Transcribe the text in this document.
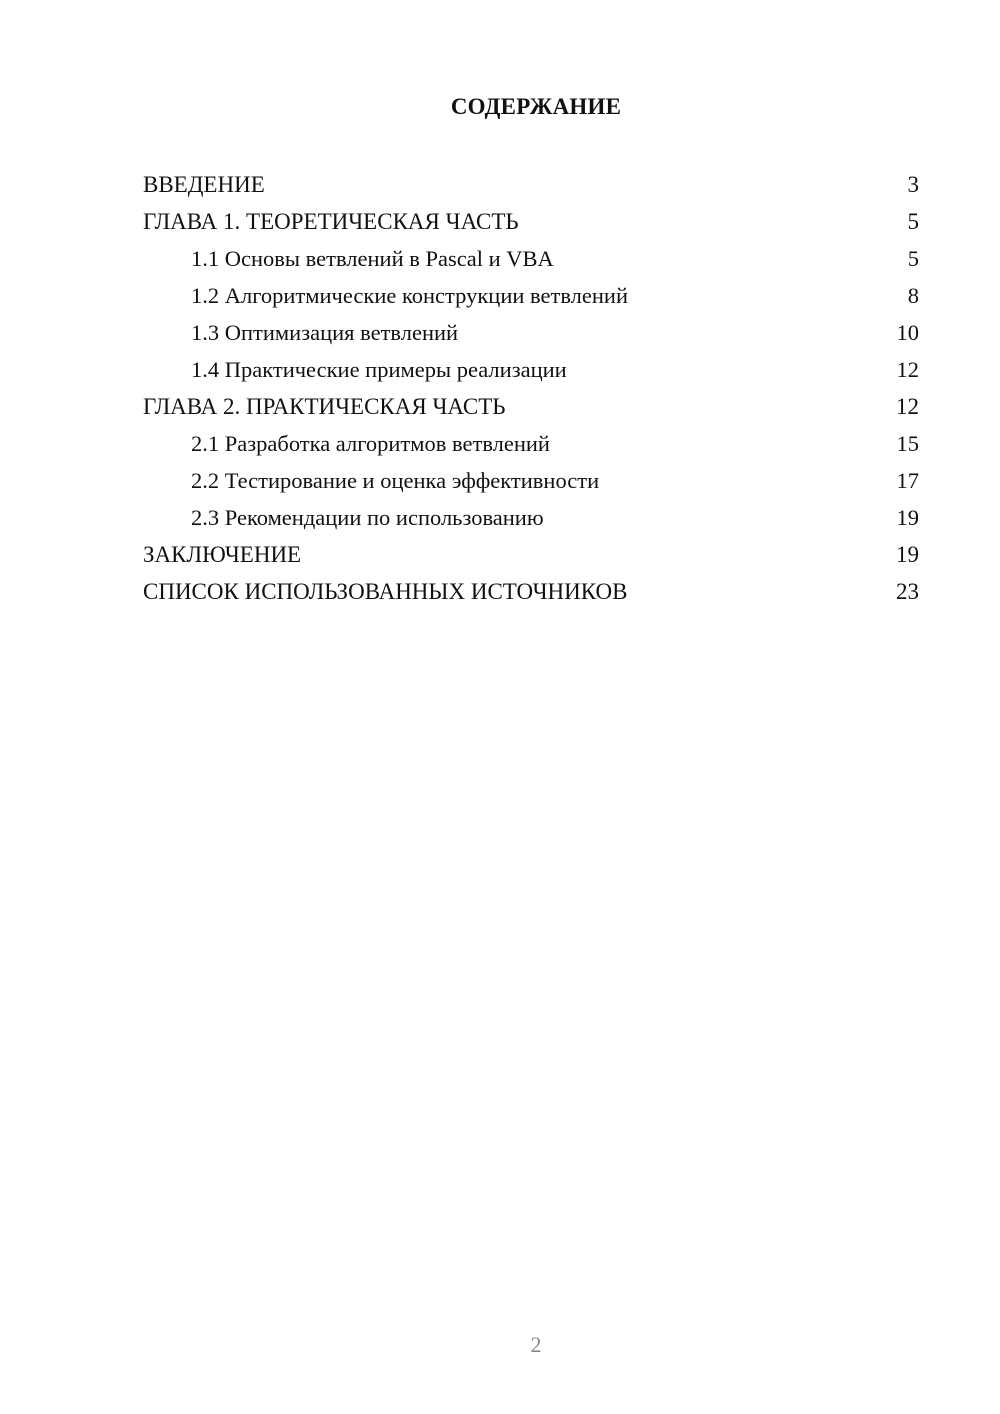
СОДЕРЖАНИЕ
ВВЕДЕНИЕ	3
ГЛАВА 1. ТЕОРЕТИЧЕСКАЯ ЧАСТЬ	5
1.1 Основы ветвлений в Pascal и VBA	5
1.2 Алгоритмические конструкции ветвлений	8
1.3 Оптимизация ветвлений	10
1.4 Практические примеры реализации	12
ГЛАВА 2. ПРАКТИЧЕСКАЯ ЧАСТЬ	12
2.1 Разработка алгоритмов ветвлений	15
2.2 Тестирование и оценка эффективности	17
2.3 Рекомендации по использованию	19
ЗАКЛЮЧЕНИЕ	19
СПИСОК ИСПОЛЬЗОВАННЫХ ИСТОЧНИКОВ	23
2
